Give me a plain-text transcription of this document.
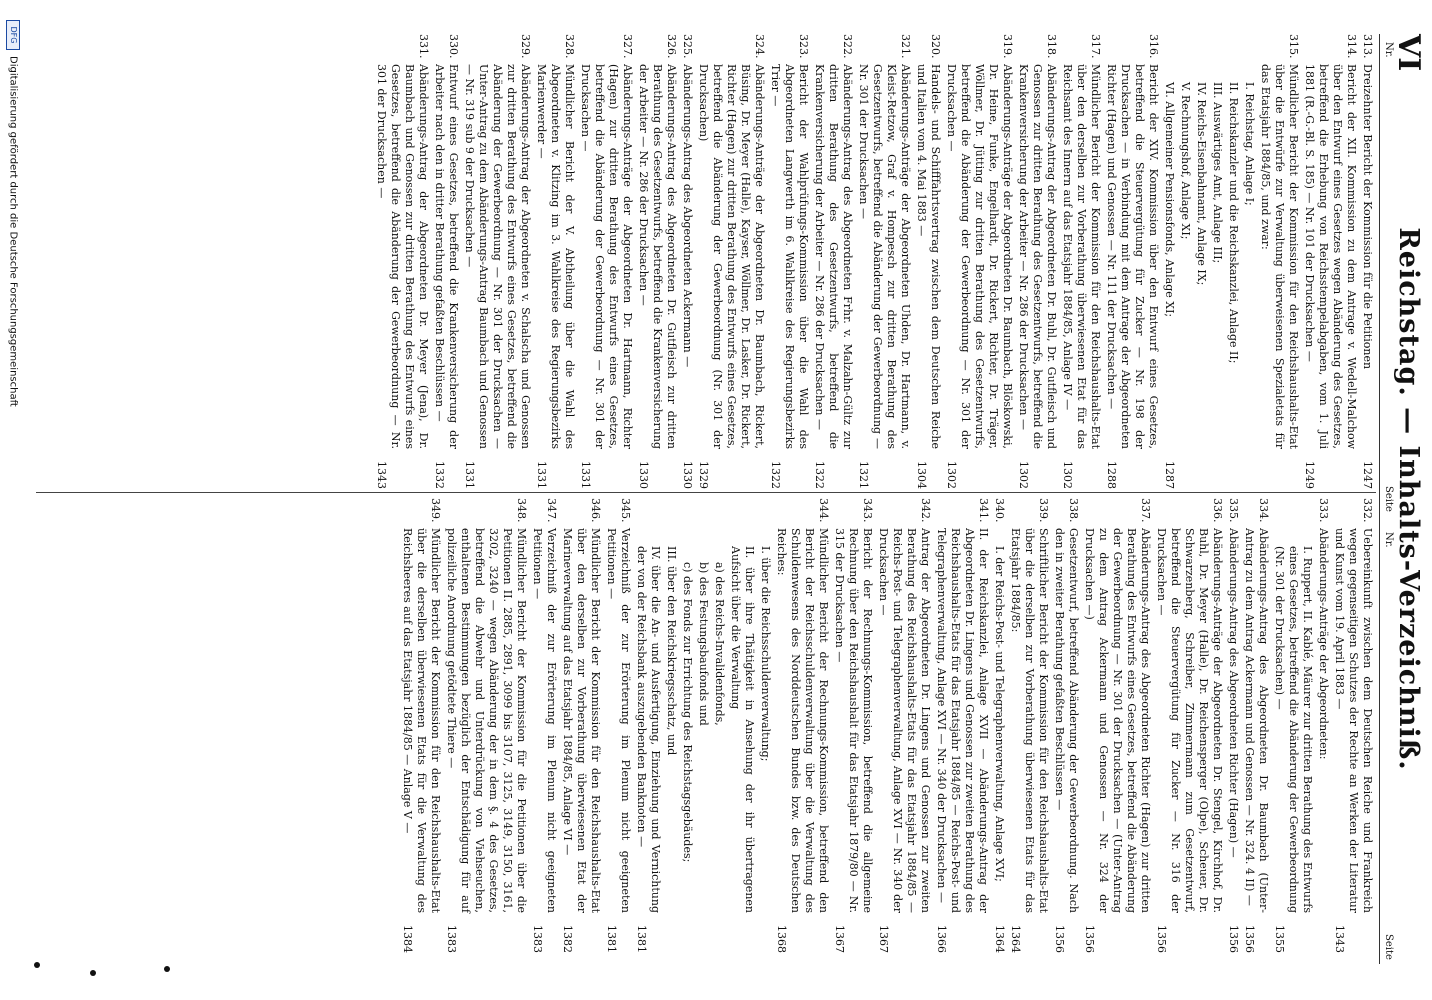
VI
Reichstag. — Inhalts-Verzeichniß.
Nr.
Seite
Nr.
Seite
313.
Dreizehnter Bericht der Kommission für die Petitionen
1247
314.
Bericht der XII. Kommission zu dem Antrage v. Wedell-Malchow über den Entwurf eines Gesetzes wegen Abänderung des Gesetzes, betreffend die Erhebung von Reichsstempelabgaben, vom 1. Juli 1881 (R.-G.-Bl. S. 185) — Nr. 101 der Drucksachen —
1249
315.
Mündlicher Bericht der Kommission für den Reichshaushalts-Etat über die Entwürfe zur Verwaltung überweisenen Spezialetats für das Etatsjahr 1884/85, und zwar:
I. Reichstag, Anlage I;
II. Reichskanzler und die Reichskanzlei, Anlage II;
III. Auswärtiges Amt, Anlage III;
IV. Reichs-Eisenbahnamt, Anlage IX;
V. Rechnungshof, Anlage XI;
VI. Allgemeiner Pensionsfonds, Anlage XI;
1287
316.
Bericht der XIV. Kommission über den Entwurf eines Gesetzes, betreffend die Steuervergütung für Zucker — Nr. 198 der Drucksachen — in Verbindung mit dem Antrage der Abgeordneten Richter (Hagen) und Genossen — Nr. 111 der Drucksachen —
1288
317.
Mündlicher Bericht der Kommission für den Reichshaushalts-Etat über den derselben zur Vorberathung überwiesenen Etat für das Reichsamt des Innern auf das Etatsjahr 1884/85, Anlage IV —
1302
318.
Abänderungs-Antrag der Abgeordneten Dr. Buhl, Dr. Gutfleisch und Genossen zur dritten Berathung des Gesetzentwurfs, betreffend die Krankenversicherung der Arbeiter — Nr. 286 der Drucksachen —
1302
319.
Abänderungs-Anträge der Abgeordneten Dr. Baumbach, Blöskowski, Dr. Heine, Funke, Engelhardt, Dr. Rickert, Richter, Dr. Träger, Wöllmer, Dr. Jütting zur dritten Berathung des Gesetzentwurfs, betreffend die Abänderung der Gewerbeordnung — Nr. 301 der Drucksachen —
1302
320.
Handels- und Schifffahrtsvertrag zwischen dem Deutschen Reiche und Italien vom 4. Mai 1883 —
1304
321.
Abänderungs-Anträge der Abgeordneten Uhden, Dr. Hartmann, v. Kleist-Retzow, Graf v. Hompesch zur dritten Berathung des Gesetzentwurfs, betreffend die Abänderung der Gewerbeordnung — Nr. 301 der Drucksachen —
1321
322.
Abänderungs-Antrag des Abgeordneten Frhr. v. Malzahn-Gültz zur dritten Berathung des Gesetzentwurfs, betreffend die Krankenversicherung der Arbeiter — Nr. 286 der Drucksachen —
1322
323.
Bericht der Wahlprüfungs-Kommission über die Wahl des Abgeordneten Langwerth im 6. Wahlkreise des Regierungsbezirks Trier —
1322
324.
Abänderungs-Anträge der Abgeordneten Dr. Baumbach, Rickert, Büsing, Dr. Meyer (Halle), Kayser, Wöllmer, Dr. Lasker, Dr. Rickert, Richter (Hagen) zur dritten Berathung des Entwurfs eines Gesetzes, betreffend die Abänderung der Gewerbeordnung (Nr. 301 der Drucksachen)
1329
325.
Abänderungs-Antrag des Abgeordneten Ackermann —
1330
326.
Abänderungs-Antrag des Abgeordneten Dr. Gutfleisch zur dritten Berathung des Gesetzentwurfs, betreffend die Krankenversicherung der Arbeiter — Nr. 286 der Drucksachen —
1330
327.
Abänderungs-Anträge der Abgeordneten Dr. Hartmann, Richter (Hagen) zur dritten Berathung des Entwurfs eines Gesetzes, betreffend die Abänderung der Gewerbeordnung — Nr. 301 der Drucksachen —
1331
328.
Mündlicher Bericht der V. Abtheilung über die Wahl des Abgeordneten v. Klitzing im 3. Wahlkreise des Regierungsbezirks Marienwerder —
1331
329.
Abänderungs-Antrag der Abgeordneten v. Schalscha und Genossen zur dritten Berathung des Entwurfs eines Gesetzes, betreffend die Abänderung der Gewerbeordnung — Nr. 301 der Drucksachen — Unter-Antrag zu dem Abänderungs-Antrag Baumbach und Genossen — Nr. 319 sub 9 der Drucksachen —
1331
330.
Entwurf eines Gesetzes, betreffend die Krankenversicherung der Arbeiter nach den in dritter Berathung gefaßten Beschlüssen —
1332
331.
Abänderungs-Antrag der Abgeordneten Dr. Meyer (Jena), Dr. Baumbach und Genossen zur dritten Berathung des Entwurfs eines Gesetzes, betreffend die Abänderung der Gewerbeordnung — Nr. 301 der Drucksachen —
1343
332.
Uebereinkunft zwischen dem Deutschen Reiche und Frankreich wegen gegenseitigen Schutzes der Rechte an Werken der Literatur und Kunst vom 19. April 1883 —
1343
333.
Abänderungs-Anträge der Abgeordneten:
I. Ruppert, II. Kablé, Mäurer zur dritten Berathung des Entwurfs eines Gesetzes, betreffend die Abänderung der Gewerbeordnung (Nr. 301 der Drucksachen) —
1355
334.
Abänderungs-Antrag des Abgeordneten Dr. Baumbach (Unter-Antrag zu dem Antrag Ackermann und Genossen — Nr. 324. 4 II) —
1356
335.
Abänderungs-Antrag des Abgeordneten Richter (Hagen) —
1356
336.
Abänderungs-Anträge der Abgeordneten Dr. Stengel, Kirchhof, Dr. Buhl, Dr. Meyer (Halle), Dr. Reichensperger (Olpe), Scheuer, Dr. Schwarzenberg, Schreiber, Zimmermann zum Gesetzentwurf, betreffend die Steuervergütung für Zucker — Nr. 316 der Drucksachen —
1356
337.
Abänderungs-Antrag des Abgeordneten Richter (Hagen) zur dritten Berathung des Entwurfs eines Gesetzes, betreffend die Abänderung der Gewerbeordnung — Nr. 301 der Drucksachen — (Unter-Antrag zu dem Antrag Ackermann und Genossen — Nr. 324 der Drucksachen —)
1356
338.
Gesetzentwurf, betreffend Abänderung der Gewerbeordnung. Nach den in zweiter Berathung gefaßten Beschlüssen —
1356
339.
Schriftlicher Bericht der Kommission für den Reichshaushalts-Etat über die derselben zur Vorberathung überwiesenen Etats für das Etatsjahr 1884/85:
1364
340.
I. der Reichs-Post- und Telegraphenverwaltung, Anlage XVI;
1364
341.
II. der Reichskanzlei, Anlage XVII — Abänderungs-Antrag der Abgeordneten Dr. Lingens und Genossen zur zweiten Berathung des Reichshaushalts-Etats für das Etatsjahr 1884/85 — Reichs-Post- und Telegraphenverwaltung, Anlage XVI — Nr. 340 der Drucksachen —
1366
342.
Antrag der Abgeordneten Dr. Lingens und Genossen zur zweiten Berathung des Reichshaushalts-Etats für das Etatsjahr 1884/85 — Reichs-Post- und Telegraphenverwaltung, Anlage XVI — Nr. 340 der Drucksachen —
1367
343.
Bericht der Rechnungs-Kommission, betreffend die allgemeine Rechnung über den Reichshaushalt für das Etatsjahr 1879/80 — Nr. 315 der Drucksachen —
1367
344.
Mündlicher Bericht der Rechnungs-Kommission, betreffend den Bericht der Reichsschuldenverwaltung über die Verwaltung des Schuldenwesens des Norddeutschen Bundes bzw. des Deutschen Reiches:
1368
I. über die Reichsschuldenverwaltung;
II. über ihre Thätigkeit in Ansehung der ihr übertragenen Aufsicht über die Verwaltung
a) des Reichs-Invalidenfonds,
b) des Festungsbaufonds und
c) des Fonds zur Errichtung des Reichstagsgebäudes;
III. über den Reichskriegsschatz, und
IV. über die An- und Ausfertigung, Einziehung und Vernichtung der von der Reichsbank auszugebenden Banknoten —
1381
345.
Verzeichniß der zur Erörterung im Plenum nicht geeigneten Petitionen —
1381
346.
Mündlicher Bericht der Kommission für den Reichshaushalts-Etat über den derselben zur Vorberathung überwiesenen Etat der Marineverwaltung auf das Etatsjahr 1884/85, Anlage VI —
1382
347.
Verzeichniß der zur Erörterung im Plenum nicht geeigneten Petitionen —
1383
348.
Mündlicher Bericht der Kommission für die Petitionen über die Petitionen II. 2885, 2891, 3099 bis 3107, 3125, 3149, 3150, 3161, 3202, 3240 — wegen Abänderung der in dem §. 4 des Gesetzes, betreffend die Abwehr und Unterdrückung von Viehseuchen, enthaltenen Bestimmungen bezüglich der Entschädigung für auf polizeiliche Anordnung getödtete Thiere —
1383
349.
Mündlicher Bericht der Kommission für den Reichshaushalts-Etat über die derselben überwiesenen Etats für die Verwaltung des Reichsheeres auf das Etatsjahr 1884/85 — Anlage V —
1384
DFGDigitalisierung gefördert durch die Deutsche Forschungsgemeinschaft
